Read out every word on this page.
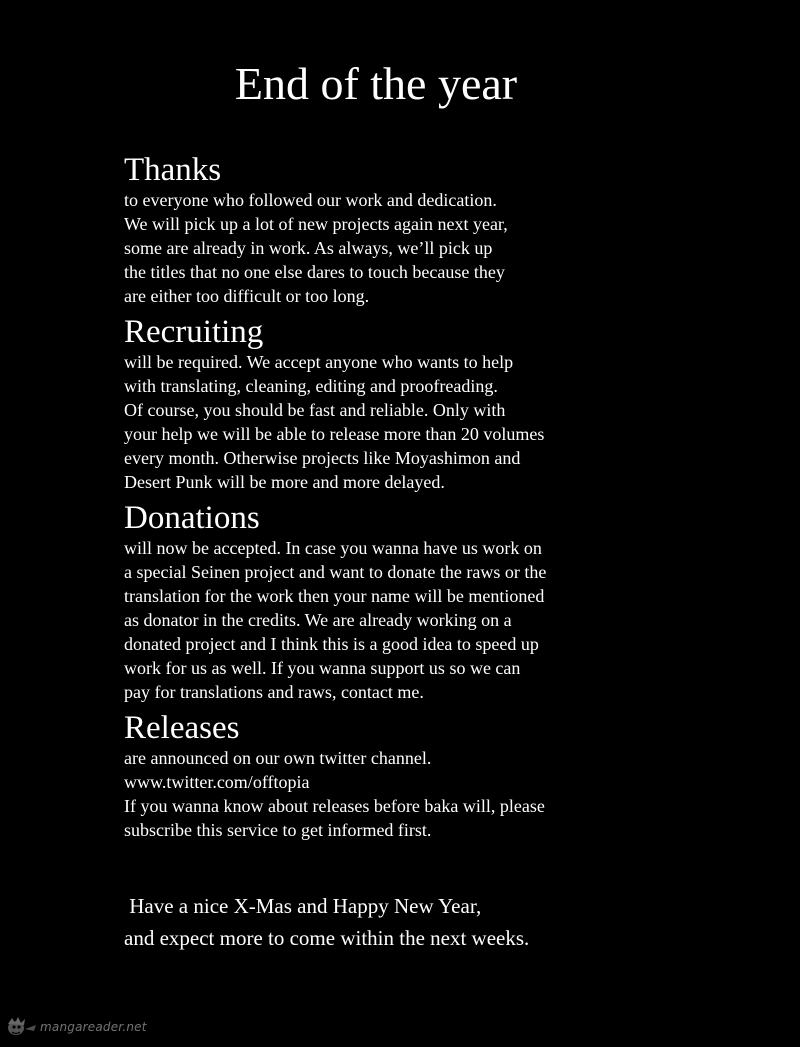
End of the year
Thanks
to everyone who followed our work and dedication.
We will pick up a lot of new projects again next year,
some are already in work. As always, we’ll pick up
the titles that no one else dares to touch because they
are either too difficult or too long.
Recruiting
will be required. We accept anyone who wants to help
with translating, cleaning, editing and proofreading.
Of course, you should be fast and reliable. Only with
your help we will be able to release more than 20 volumes
every month. Otherwise projects like Moyashimon and
Desert Punk will be more and more delayed.
Donations
will now be accepted. In case you wanna have us work on
a special Seinen project and want to donate the raws or the
translation for the work then your name will be mentioned
as donator in the credits. We are already working on a
donated project and I think this is a good idea to speed up
work for us as well. If you wanna support us so we can
pay for translations and raws, contact me.
Releases
are announced on our own twitter channel.
www.twitter.com/offtopia
If you wanna know about releases before baka will, please
subscribe this service to get informed first.
Have a nice X-Mas and Happy New Year,
and expect more to come within the next weeks.
mangareader.net
